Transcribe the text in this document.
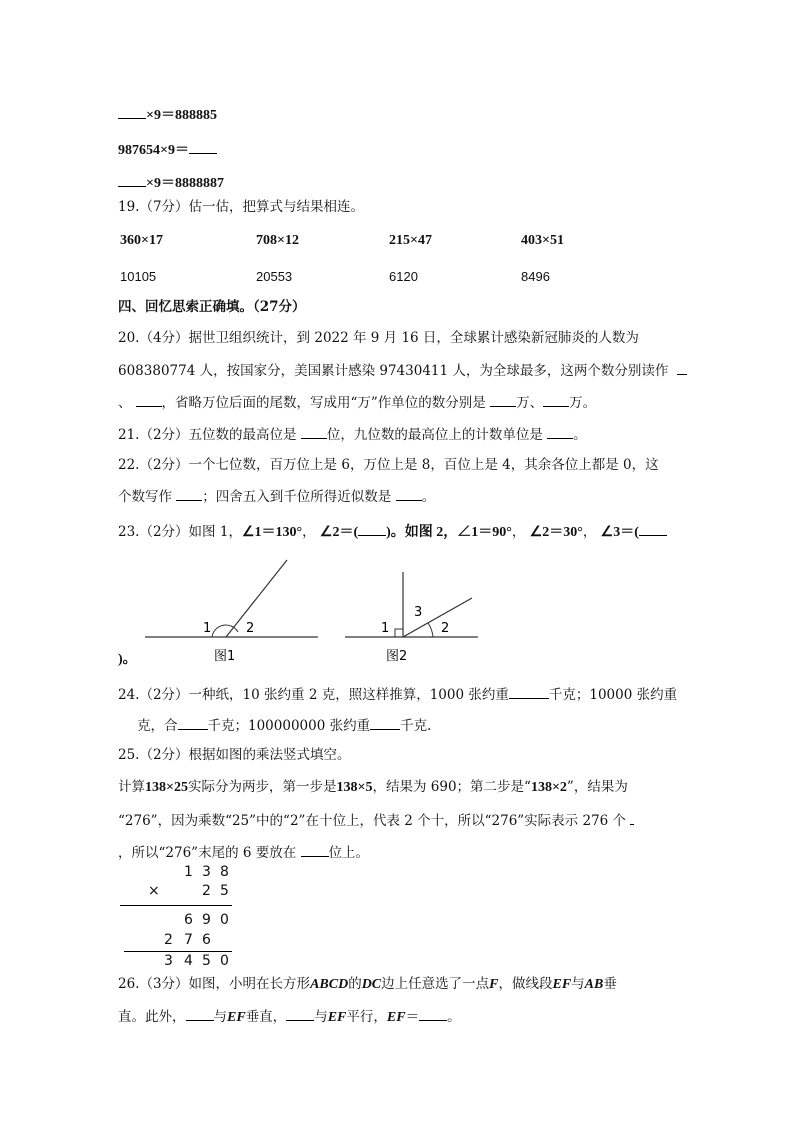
×9＝888885
987654×9＝
×9＝8888887
19.（7分）估一估，把算式与结果相连。
360×17	708×12	215×47	403×51
10105	20553	6120	8496
四、回忆思索正确填。（27分）
20.（4分）据世卫组织统计，到 2022 年 9 月 16 日，全球累计感染新冠肺炎的人数为
608380774 人，按国家分，美国累计感染 97430411 人，为全球最多，这两个数分别读作
、 ，省略万位后面的尾数，写成用“万”作单位的数分别是 万、 万。
21.（2分）五位数的最高位是 位，九位数的最高位上的计数单位是 。
22.（2分）一个七位数，百万位上是 6，万位上是 8，百位上是 4，其余各位上都是 0，这
个数写作 ；四舍五入到千位所得近似数是 。
23.（2分）如图 1，∠1＝130°， ∠2＝( )。如图 2，∠1＝90°， ∠2＝30°， ∠3＝(
1	2
图1
1
3
2
图2
)。
24.（2分）一种纸，10 张约重 2 克，照这样推算，1000 张约重	千克；10000 张约重
克，合 千克；100000000 张约重 千克.
25.（2分）根据如图的乘法竖式填空。
计算138×25实际分为两步，第一步是138×5，结果为 690；第二步是“138×2”，结果为
“276”，因为乘数“25”中的“2”在十位上，代表 2 个十，所以“276”实际表示 276 个
，所以“276”末尾的 6 要放在 位上。
1 3 8
×	2 5
6 9 0
2 7 6
3 4 5 0
26.（3分）如图，小明在长方形ABCD的DC边上任意选了一点F，做线段EF与AB垂
直。此外， 与EF垂直， 与EF平行，EF＝ 。
